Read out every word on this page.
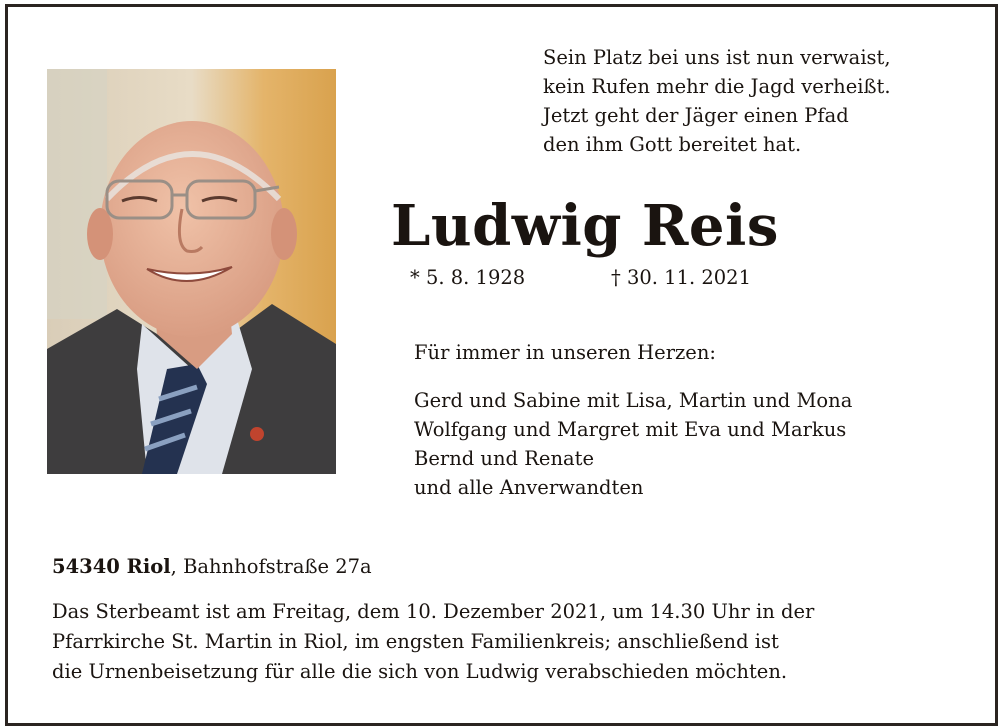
Sein Platz bei uns ist nun verwaist,
kein Rufen mehr die Jagd verheißt.
Jetzt geht der Jäger einen Pfad
den ihm Gott bereitet hat.
Ludwig Reis
* 5. 8. 1928	† 30. 11. 2021
Für immer in unseren Herzen:
Gerd und Sabine mit Lisa, Martin und Mona
Wolfgang und Margret mit Eva und Markus
Bernd und Renate
und alle Anverwandten
54340 Riol, Bahnhofstraße 27a
Das Sterbeamt ist am Freitag, dem 10. Dezember 2021, um 14.30 Uhr in der
Pfarrkirche St. Martin in Riol, im engsten Familienkreis; anschließend ist
die Urnenbeisetzung für alle die sich von Ludwig verabschieden möchten.
